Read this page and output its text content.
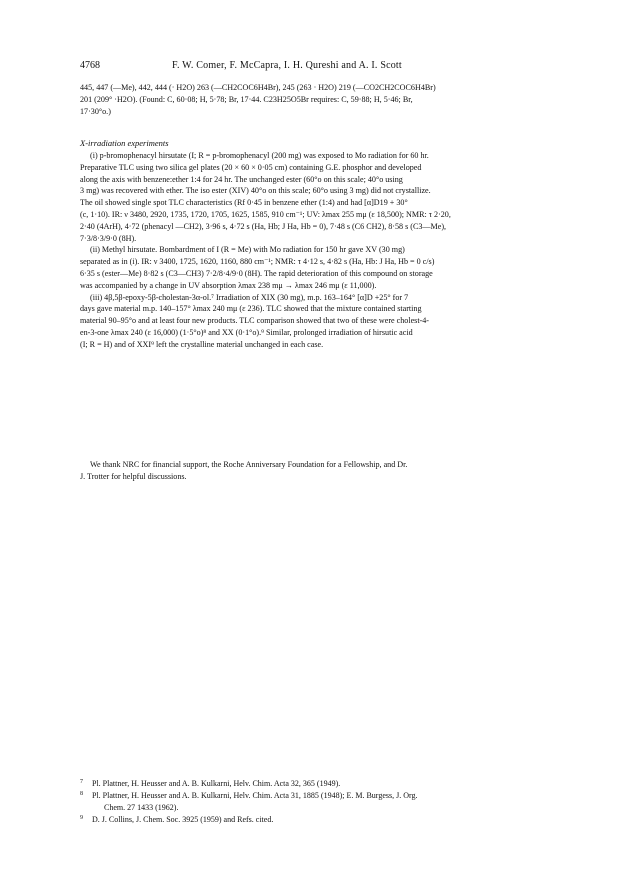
4768	F. W. Comer, F. McCapra, I. H. Qureshi and A. I. Scott

445, 447 (—Me), 442, 444 (· H2O) 263 (—CH2COC6H4Br), 245 (263 · H2O) 219 (—CO2CH2COC6H4Br)

201 (209° ·H2O). (Found: C, 60·08; H, 5·78; Br, 17·44. C23H25O5Br requires: C, 59·88; H, 5·46; Br,

17·30°o.)

X-irradiation experiments

(i) p-bromophenacyl hirsutate (I; R = p-bromophenacyl (200 mg) was exposed to Mo radiation for 60 hr.

Preparative TLC using two silica gel plates (20 × 60 × 0·05 cm) containing G.E. phosphor and developed

along the axis with benzene:ether 1:4 for 24 hr. The unchanged ester (60°o on this scale; 40°o using

3 mg) was recovered with ether. The iso ester (XIV) 40°o on this scale; 60°o using 3 mg) did not crystallize.

The oil showed single spot TLC characteristics (Rf 0·45 in benzene ether (1:4) and had [α]D19 + 30°

(c, 1·10). IR: ν 3480, 2920, 1735, 1720, 1705, 1625, 1585, 910 cm⁻¹; UV: λmax 255 mμ (ε 18,500); NMR: τ 2·20,

2·40 (4ArH), 4·72 (phenacyl —CH2), 3·96 s, 4·72 s (Ha, Hb; J Ha, Hb = 0), 7·48 s (C6 CH2), 8·58 s (C3—Me),

7·3/8·3/9·0 (8H).

(ii) Methyl hirsutate. Bombardment of I (R = Me) with Mo radiation for 150 hr gave XV (30 mg)

separated as in (i). IR: ν 3400, 1725, 1620, 1160, 880 cm⁻¹; NMR: τ 4·12 s, 4·82 s (Ha, Hb: J Ha, Hb = 0 c/s)

6·35 s (ester—Me) 8·82 s (C3—CH3) 7·2/8·4/9·0 (8H). The rapid deterioration of this compound on storage

was accompanied by a change in UV absorption λmax 238 mμ → λmax 246 mμ (ε 11,000).

(iii) 4β,5β-epoxy-5β-cholestan-3α-ol.⁷ Irradiation of XIX (30 mg), m.p. 163–164° [α]D +25° for 7

days gave material m.p. 140–157° λmax 240 mμ (ε 236). TLC showed that the mixture contained starting

material 90–95°o and at least four new products. TLC comparison showed that two of these were cholest-4-

en-3-one λmax 240 (ε 16,000) (1·5°o)⁸ and XX (0·1°o).⁹ Similar, prolonged irradiation of hirsutic acid

(I; R = H) and of XXI⁹ left the crystalline material unchanged in each case.

We thank NRC for financial support, the Roche Anniversary Foundation for a Fellowship, and Dr.

J. Trotter for helpful discussions.

7 Pl. Plattner, H. Heusser and A. B. Kulkarni, Helv. Chim. Acta 32, 365 (1949).
8 Pl. Plattner, H. Heusser and A. B. Kulkarni, Helv. Chim. Acta 31, 1885 (1948); E. M. Burgess, J. Org.
Chem. 27 1433 (1962).
9 D. J. Collins, J. Chem. Soc. 3925 (1959) and Refs. cited.
